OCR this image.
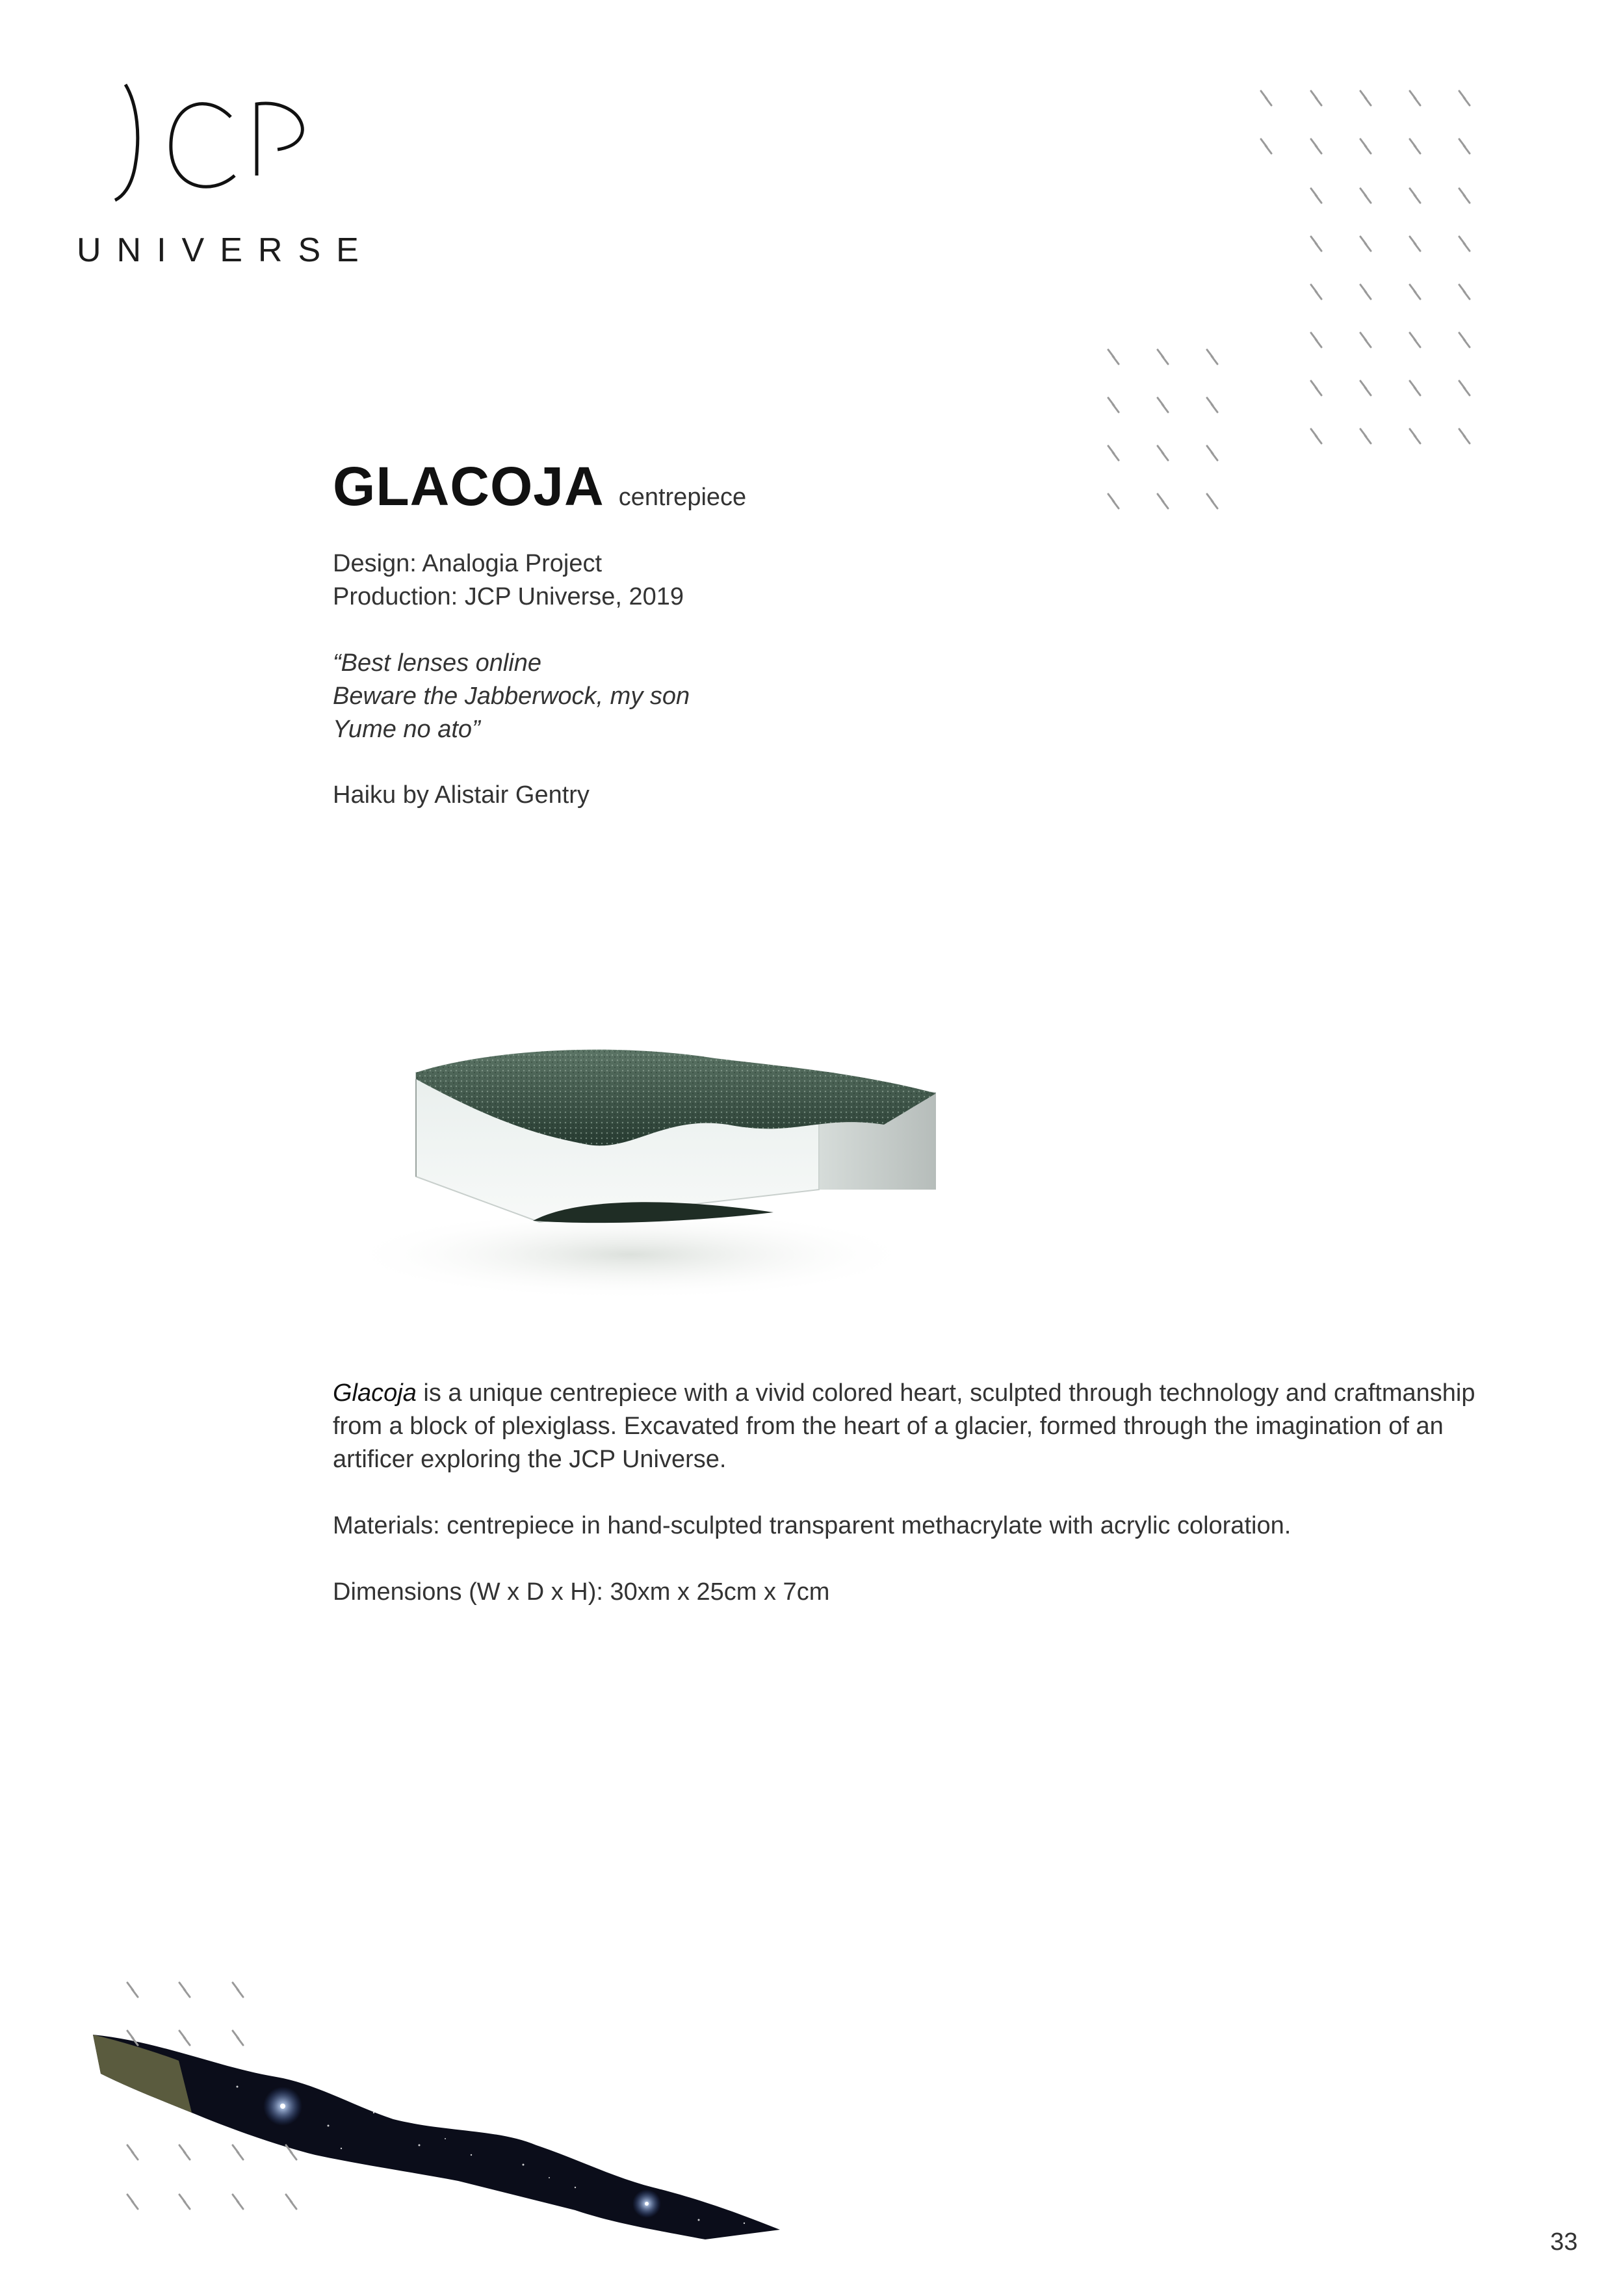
UNIVERSE
GLACOJA centrepiece
Design: Analogia Project
Production: JCP Universe, 2019
“Best lenses online
Beware the Jabberwock, my son
Yume no ato”
Haiku by Alistair Gentry

Glacoja is a unique centrepiece with a vivid colored heart, sculpted through technology and craftmanship from a block of plexiglass. Excavated from the heart of a glacier, formed through the imagination of an artificer exploring the JCP Universe.

Materials: centrepiece in hand-sculpted transparent methacrylate with acrylic coloration.

Dimensions (W x D x H): 30xm x 25cm x 7cm

33
